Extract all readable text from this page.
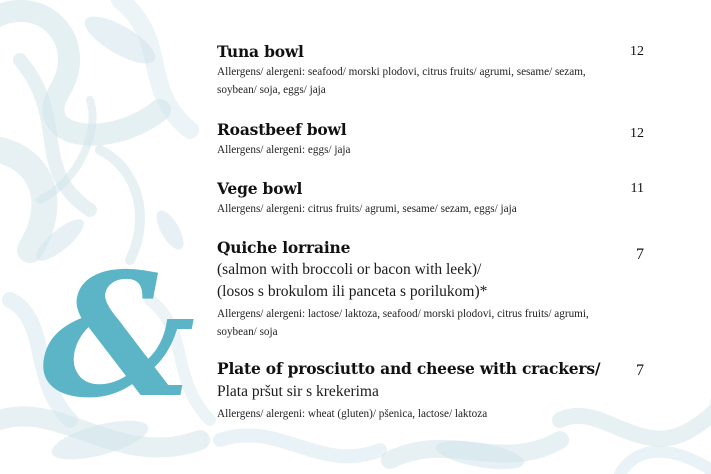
&
Tuna bowl	12
Allergens/ alergeni: seafood/ morski plodovi, citrus fruits/ agrumi, sesame/ sezam, soybean/ soja, eggs/ jaja
Roastbeef bowl	12
Allergens/ alergeni: eggs/ jaja
Vege bowl	11
Allergens/ alergeni: citrus fruits/ agrumi, sesame/ sezam, eggs/ jaja
Quiche lorraine	7
(salmon with broccoli or bacon with leek)/
(losos s brokulom ili panceta s porilukom)*
Allergens/ alergeni: lactose/ laktoza, seafood/ morski plodovi, citrus fruits/ agrumi, soybean/ soja
Plate of prosciutto and cheese with crackers/	7
Plata pršut sir s krekerima
Allergens/ alergeni: wheat (gluten)/ pšenica, lactose/ laktoza
